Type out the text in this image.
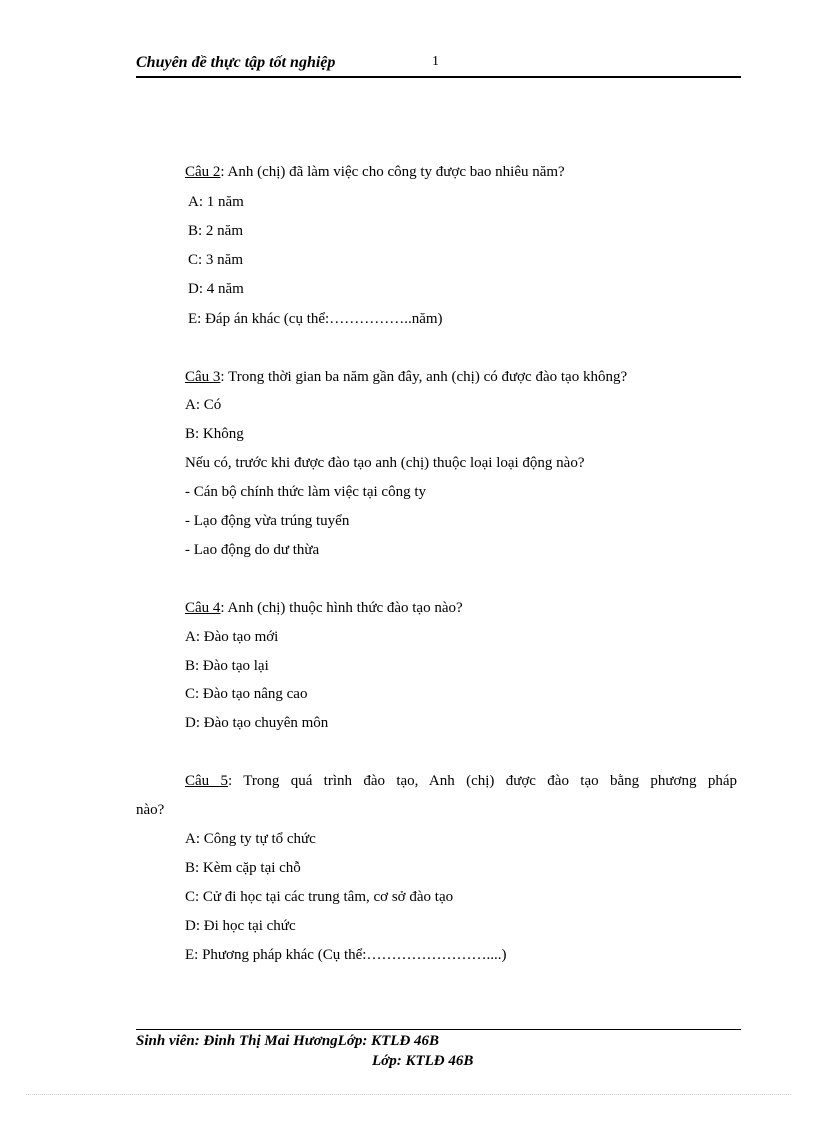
Chuyên đề thực tập tốt nghiệp	1
Câu 2: Anh (chị) đã làm việc cho công ty được bao nhiêu năm?
A: 1 năm
B: 2 năm
C: 3 năm
D: 4 năm
E: Đáp án khác (cụ thể:……………..năm)
Câu 3: Trong thời gian ba năm gần đây, anh (chị) có được đào tạo không?
A: Có
B: Không
Nếu có, trước khi được đào tạo anh (chị) thuộc loại loại động nào?
- Cán bộ chính thức làm việc tại công ty
- Lạo động vừa trúng tuyển
- Lao động do dư thừa
Câu 4: Anh (chị) thuộc hình thức đào tạo nào?
A: Đào tạo mới
B: Đào tạo lại
C: Đào tạo nâng cao
D: Đào tạo chuyên môn
Câu 5: Trong quá trình đào tạo, Anh (chị) được đào tạo bằng phương pháp
nào?
A: Công ty tự tổ chức
B: Kèm cặp tại chỗ
C: Cử đi học tại các trung tâm, cơ sở đào tạo
D: Đi học tại chức
E: Phương pháp khác (Cụ thể:……………………....)
Sinh viên: Đinh Thị Mai HươngLớp: KTLĐ 46B
Lớp: KTLĐ 46B
